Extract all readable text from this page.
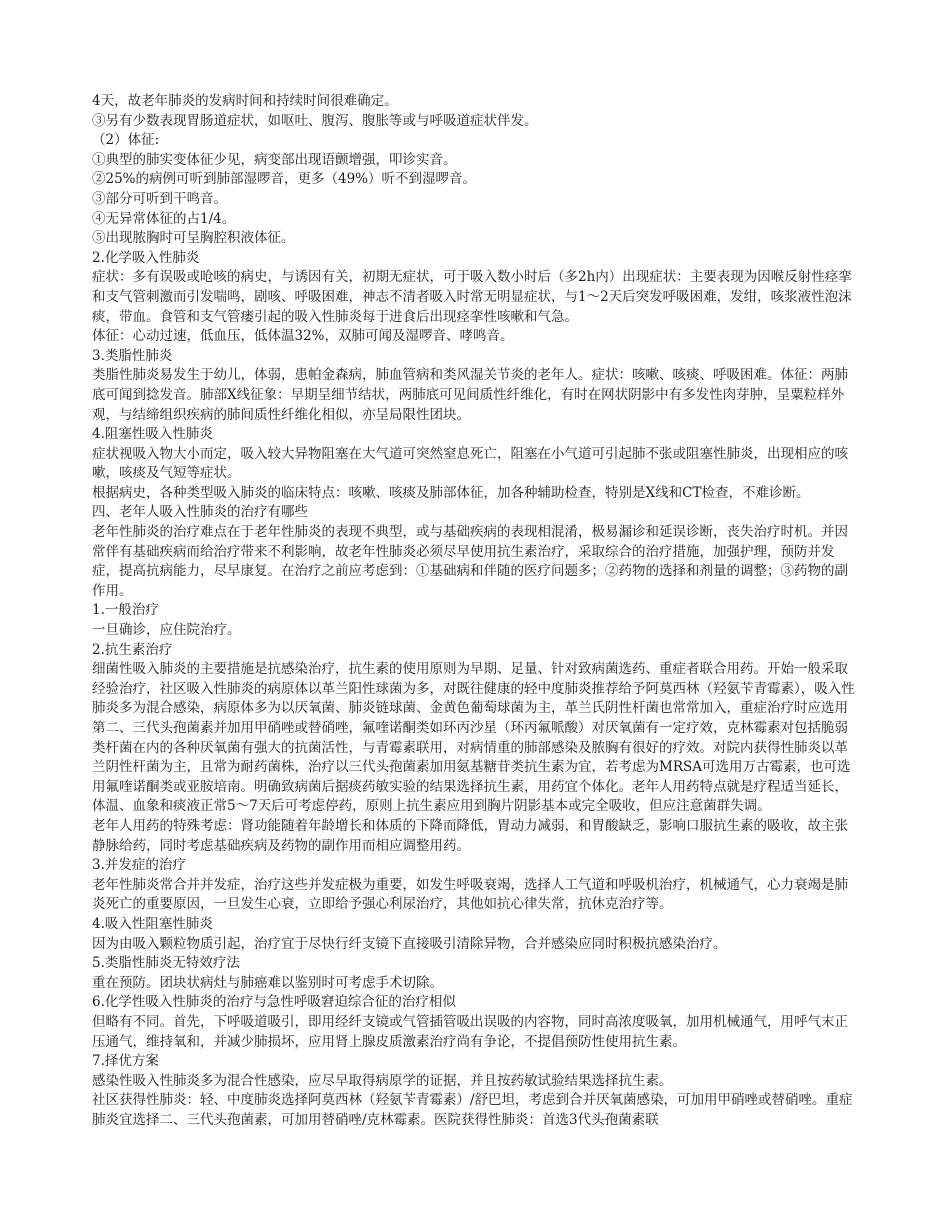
4天，故老年肺炎的发病时间和持续时间很难确定。

③另有少数表现胃肠道症状，如呕吐、腹泻、腹胀等或与呼吸道症状伴发。

（2）体征:

①典型的肺实变体征少见，病变部出现语颤增强，叩诊实音。

②25%的病例可听到肺部湿啰音，更多（49%）听不到湿啰音。

③部分可听到干鸣音。

④无异常体征的占1/4。

⑤出现脓胸时可呈胸腔积液体征。

2.化学吸入性肺炎

症状：多有误吸或呛咳的病史，与诱因有关，初期无症状，可于吸入数小时后（多2h内）出现症状：主要表现为因喉反射性痉挛和支气管刺激而引发喘鸣，剧咳、呼吸困难，神志不清者吸入时常无明显症状，与1～2天后突发呼吸困难，发绀，咳浆液性泡沫痰，带血。食管和支气管瘘引起的吸入性肺炎每于进食后出现痉挛性咳嗽和气急。

体征：心动过速，低血压，低体温32%，双肺可闻及湿啰音、哮鸣音。

3.类脂性肺炎

类脂性肺炎易发生于幼儿，体弱，患帕金森病，肺血管病和类风湿关节炎的老年人。症状：咳嗽、咳痰、呼吸困难。体征：两肺底可闻到捻发音。肺部X线征象：早期呈细节结状，两肺底可见间质性纤维化，有时在网状阴影中有多发性肉芽肿，呈粟粒样外观，与结缔组织疾病的肺间质性纤维化相似，亦呈局限性团块。

4.阻塞性吸入性肺炎

症状视吸入物大小而定，吸入较大异物阻塞在大气道可突然窒息死亡，阻塞在小气道可引起肺不张或阻塞性肺炎，出现相应的咳嗽，咳痰及气短等症状。

根据病史，各种类型吸入肺炎的临床特点：咳嗽、咳痰及肺部体征，加各种辅助检查，特别是X线和CT检查，不难诊断。

四、老年人吸入性肺炎的治疗有哪些

老年性肺炎的治疗难点在于老年性肺炎的表现不典型，或与基础疾病的表现相混淆，极易漏诊和延误诊断，丧失治疗时机。并因常伴有基础疾病而给治疗带来不利影响，故老年性肺炎必须尽早使用抗生素治疗，采取综合的治疗措施，加强护理，预防并发症，提高抗病能力，尽早康复。在治疗之前应考虑到：①基础病和伴随的医疗问题多；②药物的选择和剂量的调整；③药物的副作用。

1.一般治疗

一旦确诊，应住院治疗。

2.抗生素治疗

细菌性吸入肺炎的主要措施是抗感染治疗，抗生素的使用原则为早期、足量、针对致病菌选药、重症者联合用药。开始一般采取经验治疗，社区吸入性肺炎的病原体以革兰阳性球菌为多，对既往健康的轻中度肺炎推荐给予阿莫西林（羟氨苄青霉素），吸入性肺炎多为混合感染，病原体多为以厌氧菌、肺炎链球菌、金黄色葡萄球菌为主，革兰氏阴性杆菌也常常加入，重症治疗时应选用第二、三代头孢菌素并加用甲硝唑或替硝唑，氟喹诺酮类如环丙沙星（环丙氟哌酸）对厌氧菌有一定疗效，克林霉素对包括脆弱类杆菌在内的各种厌氧菌有强大的抗菌活性，与青霉素联用，对病情重的肺部感染及脓胸有很好的疗效。对院内获得性肺炎以革兰阴性杆菌为主，且常为耐药菌株，治疗以三代头孢菌素加用氨基糖苷类抗生素为宜，若考虑为MRSA可选用万古霉素，也可选用氟喹诺酮类或亚胺培南。明确致病菌后据痰药敏实验的结果选择抗生素，用药宜个体化。老年人用药特点就是疗程适当延长，体温、血象和痰液正常5～7天后可考虑停药，原则上抗生素应用到胸片阴影基本或完全吸收，但应注意菌群失调。

老年人用药的特殊考虑：肾功能随着年龄增长和体质的下降而降低，胃动力减弱，和胃酸缺乏，影响口服抗生素的吸收，故主张静脉给药，同时考虑基础疾病及药物的副作用而相应调整用药。

3.并发症的治疗

老年性肺炎常合并并发症，治疗这些并发症极为重要，如发生呼吸衰竭，选择人工气道和呼吸机治疗，机械通气，心力衰竭是肺炎死亡的重要原因，一旦发生心衰，立即给予强心利尿治疗，其他如抗心律失常，抗休克治疗等。

4.吸入性阻塞性肺炎

因为由吸入颗粒物质引起，治疗宜于尽快行纤支镜下直接吸引清除异物，合并感染应同时积极抗感染治疗。

5.类脂性肺炎无特效疗法

重在预防。团块状病灶与肺癌难以鉴别时可考虑手术切除。

6.化学性吸入性肺炎的治疗与急性呼吸窘迫综合征的治疗相似

但略有不同。首先，下呼吸道吸引，即用经纤支镜或气管插管吸出误吸的内容物，同时高浓度吸氧，加用机械通气，用呼气末正压通气，维持氧和，并减少肺损坏，应用肾上腺皮质激素治疗尚有争论，不提倡预防性使用抗生素。

7.择优方案

感染性吸入性肺炎多为混合性感染，应尽早取得病原学的证据，并且按药敏试验结果选择抗生素。

社区获得性肺炎：轻、中度肺炎选择阿莫西林（羟氨苄青霉素）/舒巴坦，考虑到合并厌氧菌感染，可加用甲硝唑或替硝唑。重症肺炎宜选择二、三代头孢菌素，可加用替硝唑/克林霉素。医院获得性肺炎：首选3代头孢菌素联
